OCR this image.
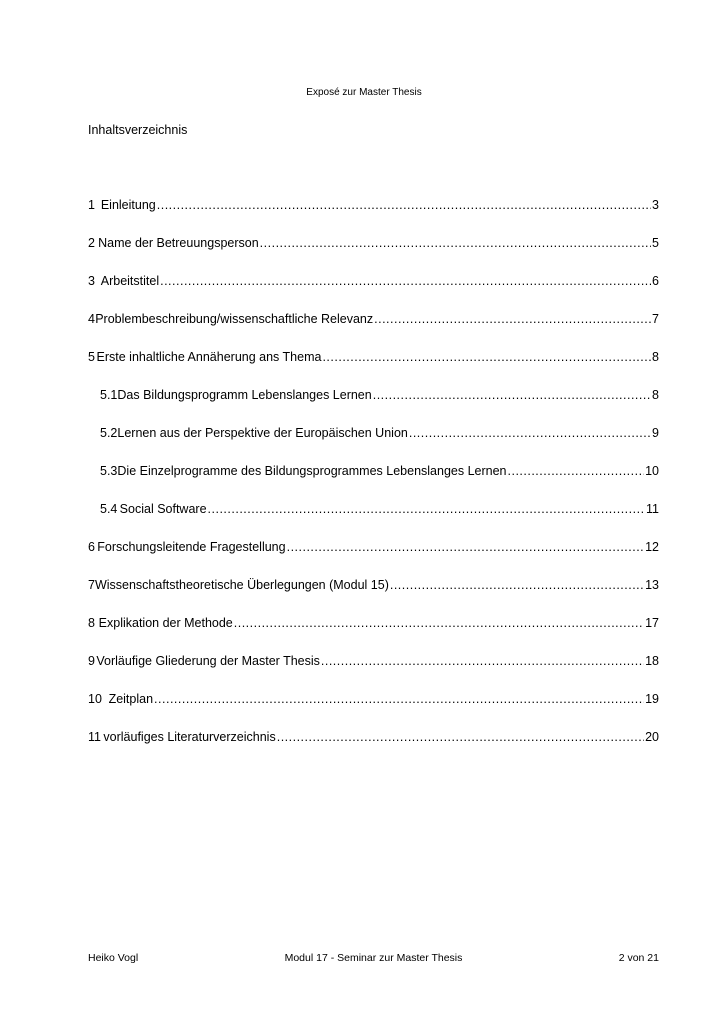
Exposé zur Master Thesis
Inhaltsverzeichnis
1 Einleitung .....	3
2 Name der Betreuungsperson .....	5
3 Arbeitstitel .....	6
4 Problembeschreibung/wissenschaftliche Relevanz .....	7
5 Erste inhaltliche Annäherung ans Thema .....	8
5.1 Das Bildungsprogramm Lebenslanges Lernen .....	8
5.2 Lernen aus der Perspektive der Europäischen Union .....	9
5.3 Die Einzelprogramme des Bildungsprogrammes Lebenslanges Lernen .....	10
5.4 Social Software .....	11
6 Forschungsleitende Fragestellung .....	12
7 Wissenschaftstheoretische Überlegungen (Modul 15) .....	13
8 Explikation der Methode .....	17
9 Vorläufige Gliederung der Master Thesis .....	18
10 Zeitplan .....	19
11 vorläufiges Literaturverzeichnis .....	20
Heiko Vogl	Modul 17 - Seminar zur Master Thesis	2 von 21
